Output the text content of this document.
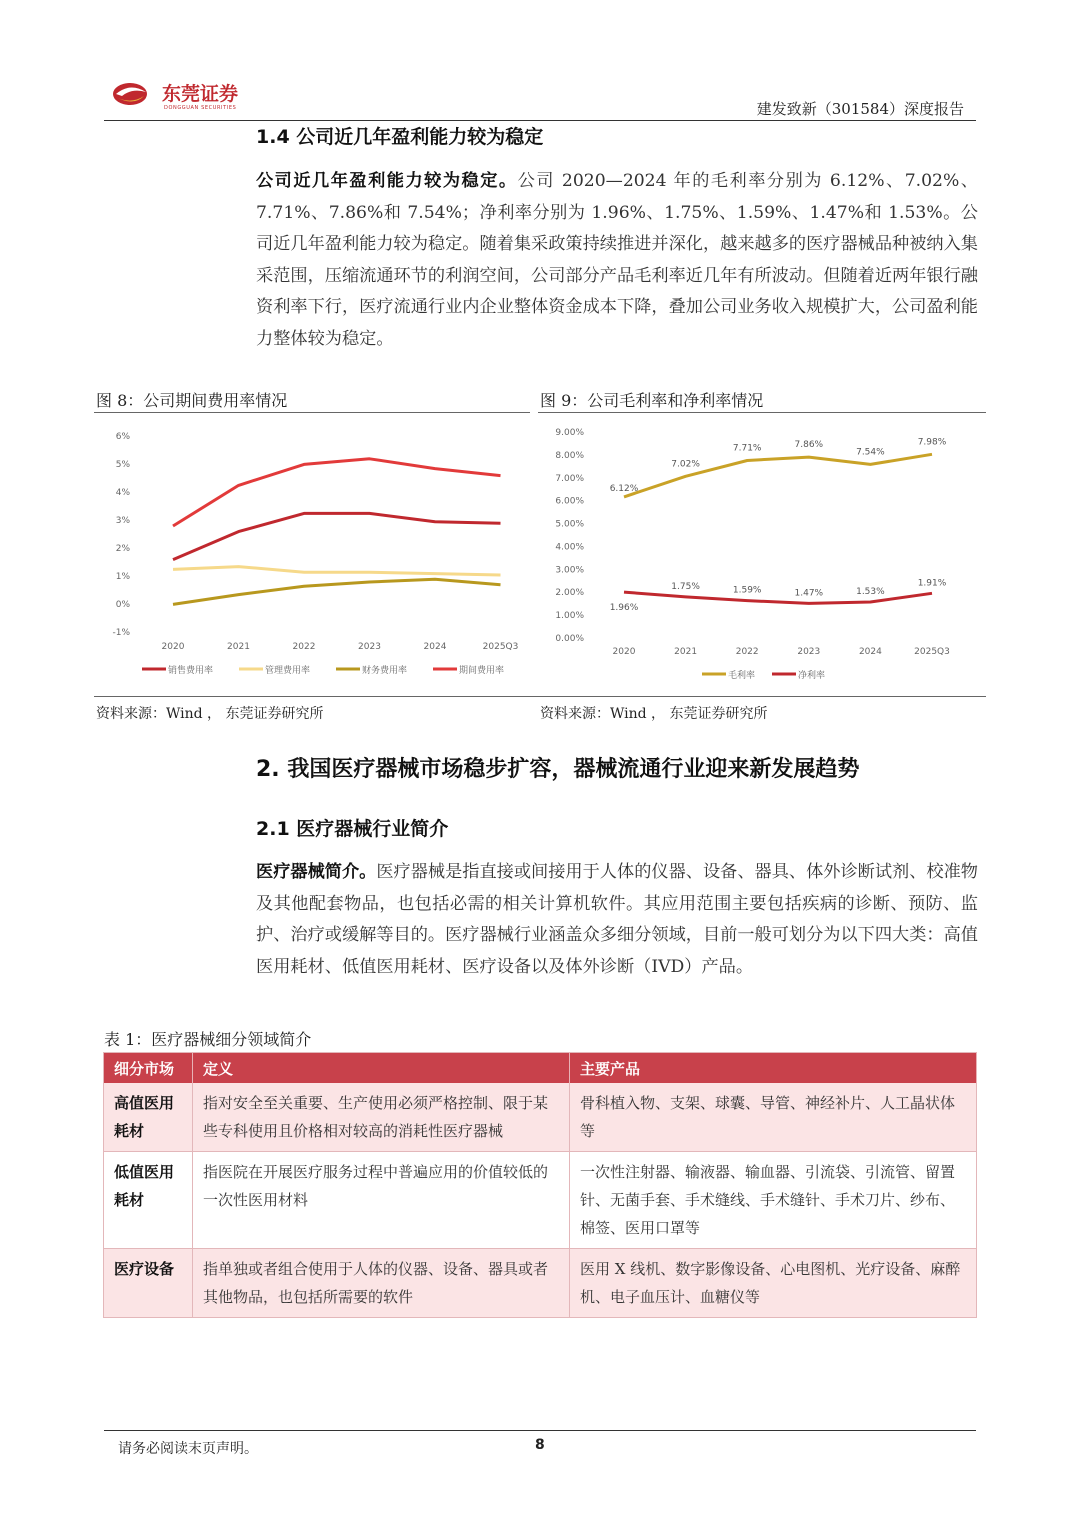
东莞证券
DONGGUAN SECURITIES	建发致新（301584）深度报告
1.4 公司近几年盈利能力较为稳定
公司近几年盈利能力较为稳定。公司 2020—2024 年的毛利率分别为 6.12%、7.02%、7.71%、7.86%和 7.54%；净利率分别为 1.96%、1.75%、1.59%、1.47%和 1.53%。公司近几年盈利能力较为稳定。随着集采政策持续推进并深化，越来越多的医疗器械品种被纳入集采范围，压缩流通环节的利润空间，公司部分产品毛利率近几年有所波动。但随着近两年银行融资利率下行，医疗流通行业内企业整体资金成本下降，叠加公司业务收入规模扩大，公司盈利能力整体较为稳定。
图 8：公司期间费用率情况
6%
5%
4%
3%
2%
1%
0%
-1%
2020	2021	2022	2023	2024	2025Q3
销售费用率	管理费用率	财务费用率	期间费用率
资料来源：Wind ， 东莞证券研究所
图 9：公司毛利率和净利率情况
9.00%
8.00%
7.00%
6.00%
5.00%
4.00%
3.00%
2.00%
1.00%
0.00%
2020	2021	2022	2023	2024	2025Q3
6.12%
7.02%
7.71%	7.86%
7.54%
7.98%
毛利率
1.96%
1.75%	1.59%	1.47%	1.53%
1.91%
净利率
资料来源：Wind ， 东莞证券研究所
2. 我国医疗器械市场稳步扩容，器械流通行业迎来新发展趋势
2.1 医疗器械行业简介
医疗器械简介。医疗器械是指直接或间接用于人体的仪器、设备、器具、体外诊断试剂、校准物及其他配套物品，也包括必需的相关计算机软件。其应用范围主要包括疾病的诊断、预防、监护、治疗或缓解等目的。医疗器械行业涵盖众多细分领域，目前一般可划分为以下四大类：高值医用耗材、低值医用耗材、医疗设备以及体外诊断（IVD）产品。
表 1：医疗器械细分领域简介
细分市场	定义	主要产品
高值医用耗材	指对安全至关重要、生产使用必须严格控制、限于某些专科使用且价格相对较高的消耗性医疗器械	骨科植入物、支架、球囊、导管、神经补片、人工晶状体等
低值医用耗材	指医院在开展医疗服务过程中普遍应用的价值较低的一次性医用材料	一次性注射器、输液器、输血器、引流袋、引流管、留置针、无菌手套、手术缝线、手术缝针、手术刀片、纱布、棉签、医用口罩等
医疗设备	指单独或者组合使用于人体的仪器、设备、器具或者其他物品，也包括所需要的软件	医用 X 线机、数字影像设备、心电图机、光疗设备、麻醉机、电子血压计、血糖仪等
请务必阅读末页声明。	8
